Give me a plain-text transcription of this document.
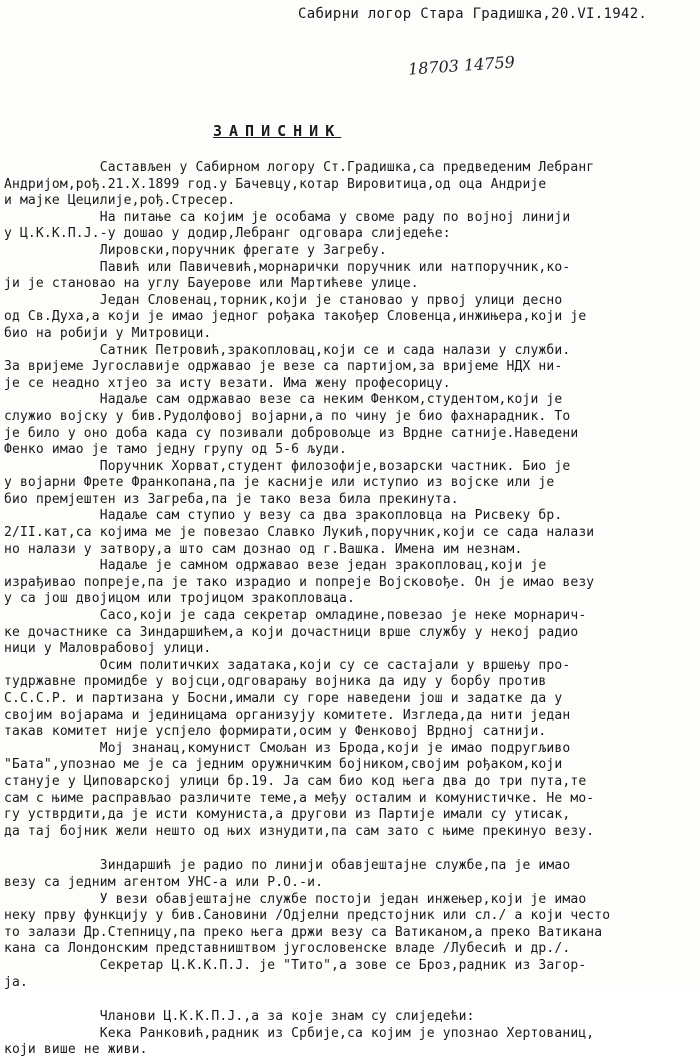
Сабирни логор Стара Градишка,20.VI.1942.
18703 14759
ЗАПИСНИК
Састављен у Сабирном логору Ст.Градишка,са предведеним Лебранг
Андријом,рођ.21.X.1899 год.у Бачевцу,котар Вировитица,од оца Андрије
и мајке Цецилије,рођ.Стресер.
На питање са којим је особама у своме раду по војној линији
у Ц.К.К.П.Ј.-у дошао у додир,Лебранг одговара слиједеће:
Лировски,поручник фрегате у Загребу.
Павић или Павичевић,морнарички поручник или натпоручник,ко-
ји је становао на углу Бауерове или Мартићеве улице.
Један Словенац,торник,који је становао у првој улици десно
од Св.Духа,а који је имао једног рођака такођер Словенца,инжињера,који је
био на робији у Митровици.
Сатник Петровић,зракопловац,који се и сада налази у служби.
За вријеме Југославије одржавао је везе са партијом,за вријеме НДХ ни-
је се неадно хтјео за исту везати. Има жену професорицу.
Надаље сам одржавао везе са неким Фенком,студентом,који је
служио војску у бив.Рудолфовој војарни,а по чину је био фахнарадник. То
је било у оно доба када су позивали добровољце из Врдне сатније.Наведени
Фенко имао је тамо једну групу од 5-6 људи.
Поручник Хорват,студент филозофије,возарски частник. Био је
у војарни Фрете Франкопана,па је касније или иступио из војске или је
био премјештен из Загреба,па је тако веза била прекинута.
Надаље сам ступио у везу са два зракопловца на Рисвеку бр.
2/II.кат,са којима ме је повезао Славко Лукић,поручник,који се сада налази
но налази у затвору,а што сам дознао од г.Вашка. Имена им незнам.
Надаље је самном одржавао везе један зракопловац,који је
израђивао попреје,па је тако израдио и попреје Војсковође. Он је имао везу
у са још двојицом или тројицом зракопловаца.
Сасо,који је сада секретар омладине,повезао је неке морнарич-
ке дочастнике са Зиндаршићем,а који дочастници врше службу у некој радио
ници у Маловрабовој улици.
Осим политичких задатака,који су се састајали у вршењу про-
тудржавне промидбе у војсци,одговарању војника да иду у борбу против
С.С.С.Р. и партизана у Босни,имали су горе наведени још и задатке да у
својим војарама и јединицама организују комитете. Изгледа,да нити један
такав комитет није успјело формирати,осим у Фенковој Врдној сатнији.
Мој знанац,комунист Смољан из Брода,који је имао подругљиво
"Бата",упознао ме је са једним оружничким бојником,својим рођаком,који
станује у Циповарској улици бр.19. Ја сам био код њега два до три пута,те
сам с њиме расправљао различите теме,а међу осталим и комунистичке. Не мо-
гу устврдити,да је исти комуниста,а другови из Партије имали су утисак,
да тај бојник жели нешто од њих изнудити,па сам зато с њиме прекинуо везу.
Зиндаршић је радио по линији обавјештајне службе,па је имао
везу са једним агентом УНС-а или Р.О.-и.
У вези обавјештајне службе постоји један инжењер,који је имао
неку прву функцију у бив.Сановини /Одјелни предстојник или сл./ а који често
то залази Др.Степницу,па преко њега држи везу са Ватиканом,а преко Ватикана
кана са Лондонским представништвом југословенске владе /Лубесић и др./.
Секретар Ц.К.К.П.Ј. је "Тито",а зове се Броз,радник из Загор-
ја.
Чланови Ц.К.К.П.Ј.,а за које знам су слиједећи:
Кека Ранковић,радник из Србије,са којим је упознао Хертованиц,
који више не живи.
